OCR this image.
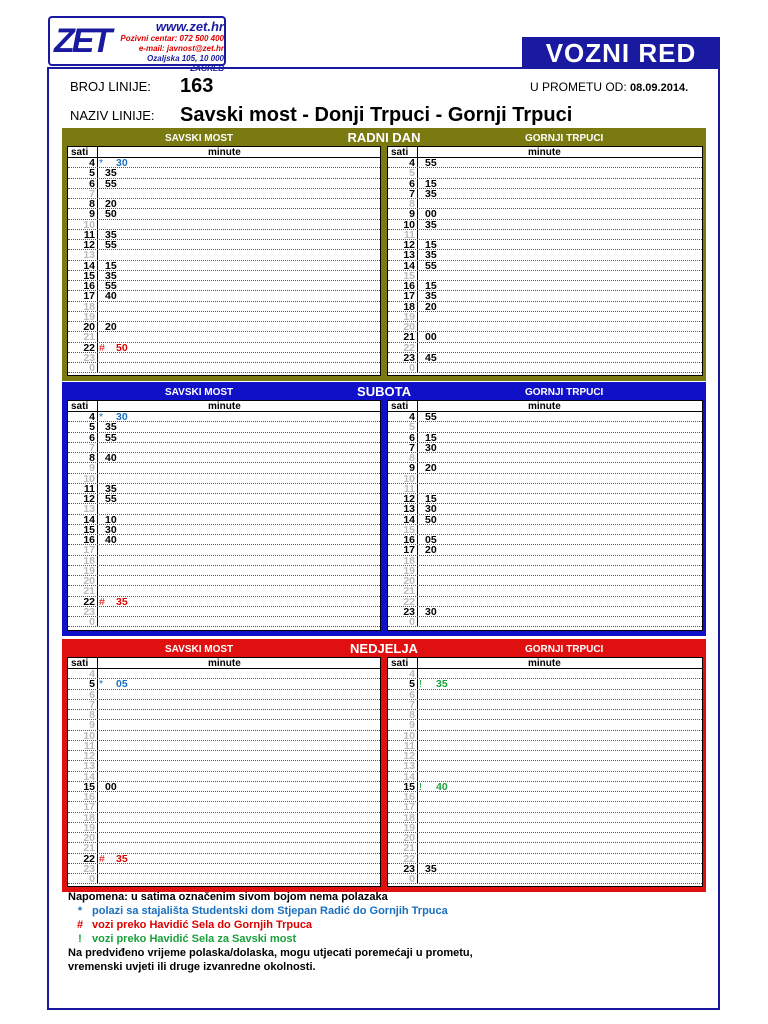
ZET	www.zet.hr
Pozivni centar: 072 500 400
e-mail: javnost@zet.hr
Ozaljska 105, 10 000 ZAGREB
VOZNI RED
BROJ LINIJE: 163	U PROMETU OD: 08.09.2014.
NAZIV LINIJE: Savski most - Donji Trpuci - Gornji Trpuci
SAVSKI MOST	RADNI DAN	GORNJI TRPUCI
sati	minute
4 * 30
5 35
6 55
7
8 20
9 50
10
11 35
12 55
13
14 15
15 35
16 55
17 40
18
19
20 20
21
22 # 50
23
0
sati	minute
4 55
5
6 15
7 35
8
9 00
10 35
11
12 15
13 35
14 55
15
16 15
17 35
18 20
19
20
21 00
22
23 45
0
SAVSKI MOST	SUBOTA	GORNJI TRPUCI
sati	minute
4 * 30
5 35
6 55
7
8 40
9
10
11 35
12 55
13
14 10
15 30
16 40
17
18
19
20
21
22 # 35
23
0
sati	minute
4 55
5
6 15
7 30
8
9 20
10
11
12 15
13 30
14 50
15
16 05
17 20
18
19
20
21
22
23 30
0
SAVSKI MOST	NEDJELJA	GORNJI TRPUCI
sati	minute
4
5 * 05
6
7
8
9
10
11
12
13
14
15 00
16
17
18
19
20
21
22 # 35
23
0
sati	minute
4
5 ! 35
6
7
8
9
10
11
12
13
14
15 ! 40
16
17
18
19
20
21
22
23 35
0
Napomena: u satima označenim sivom bojom nema polazaka
* polazi sa stajališta Studentski dom Stjepan Radić do Gornjih Trpuca
# vozi preko Havidić Sela do Gornjih Trpuca
! vozi preko Havidić Sela za Savski most
Na predviđeno vrijeme polaska/dolaska, mogu utjecati poremećaji u prometu,
vremenski uvjeti ili druge izvanredne okolnosti.
